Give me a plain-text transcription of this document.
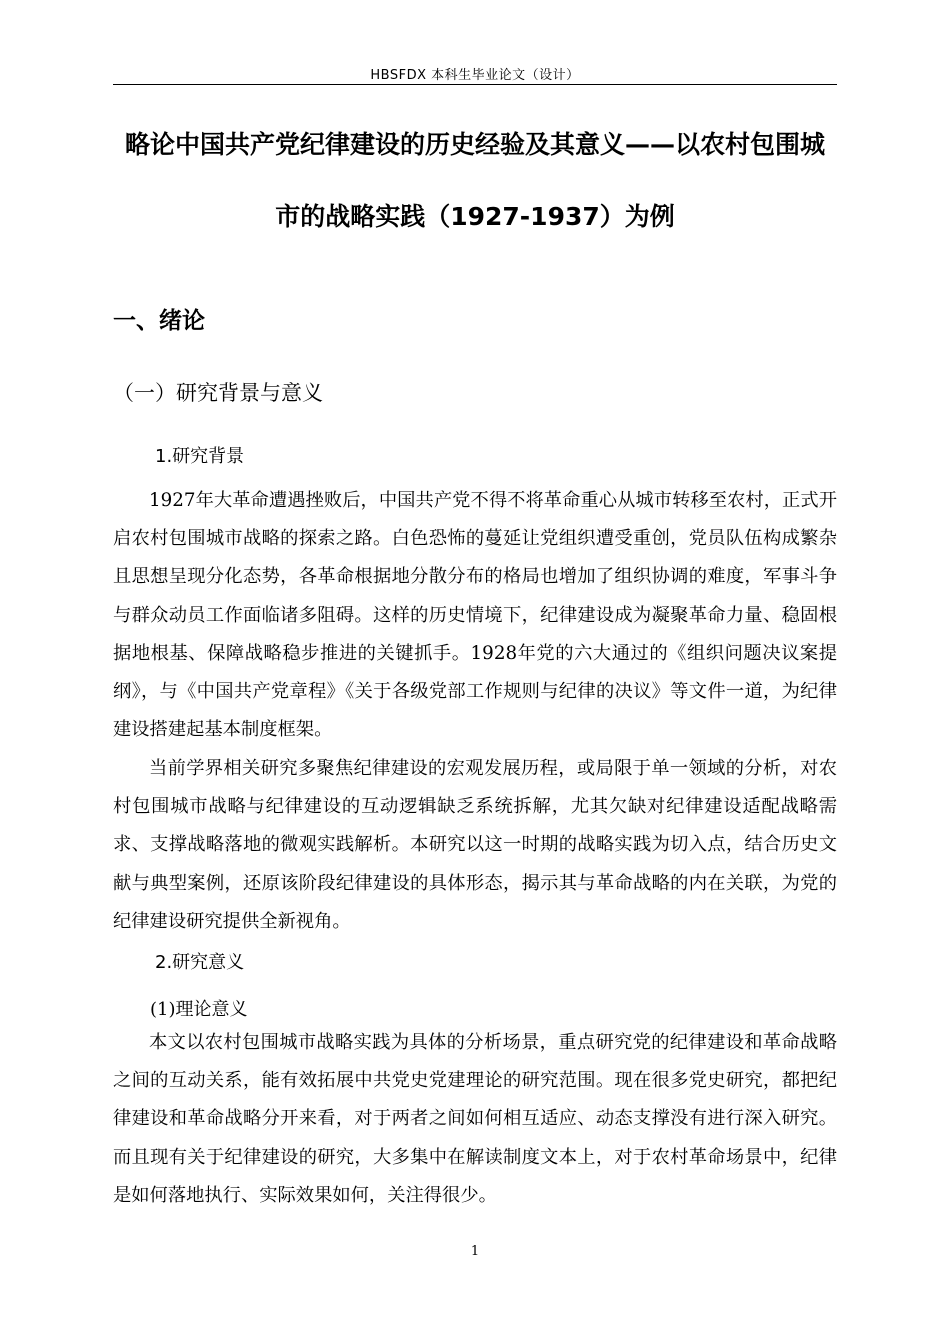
HBSFDX 本科生毕业论文（设计）
略论中国共产党纪律建设的历史经验及其意义——以农村包围城
市的战略实践（1927-1937）为例
一、绪论
（一）研究背景与意义
1.研究背景
1927年大革命遭遇挫败后，中国共产党不得不将革命重心从城市转移至农村，正式开启农村包围城市战略的探索之路。白色恐怖的蔓延让党组织遭受重创，党员队伍构成繁杂且思想呈现分化态势，各革命根据地分散分布的格局也增加了组织协调的难度，军事斗争与群众动员工作面临诸多阻碍。这样的历史情境下，纪律建设成为凝聚革命力量、稳固根据地根基、保障战略稳步推进的关键抓手。1928年党的六大通过的《组织问题决议案提纲》，与《中国共产党章程》《关于各级党部工作规则与纪律的决议》等文件一道，为纪律建设搭建起基本制度框架。
当前学界相关研究多聚焦纪律建设的宏观发展历程，或局限于单一领域的分析，对农村包围城市战略与纪律建设的互动逻辑缺乏系统拆解，尤其欠缺对纪律建设适配战略需求、支撑战略落地的微观实践解析。本研究以这一时期的战略实践为切入点，结合历史文献与典型案例，还原该阶段纪律建设的具体形态，揭示其与革命战略的内在关联，为党的纪律建设研究提供全新视角。
2.研究意义
(1)理论意义
本文以农村包围城市战略实践为具体的分析场景，重点研究党的纪律建设和革命战略之间的互动关系，能有效拓展中共党史党建理论的研究范围。现在很多党史研究，都把纪律建设和革命战略分开来看，对于两者之间如何相互适应、动态支撑没有进行深入研究。而且现有关于纪律建设的研究，大多集中在解读制度文本上，对于农村革命场景中，纪律是如何落地执行、实际效果如何，关注得很少。
1
